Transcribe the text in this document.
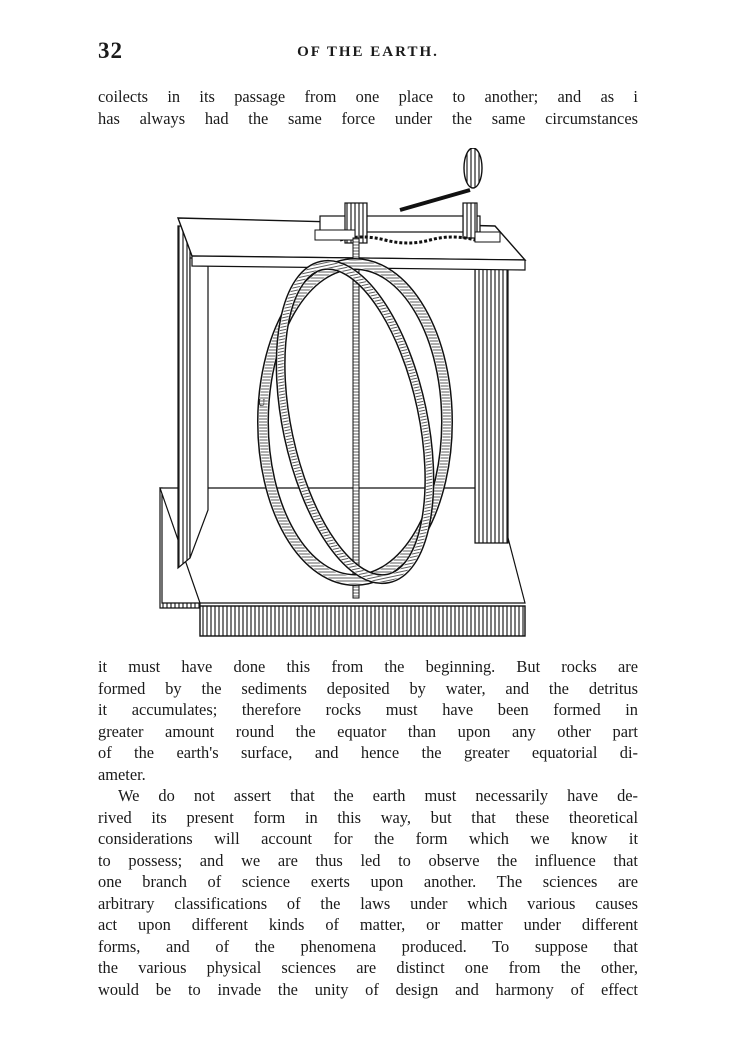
32	OF THE EARTH.
coilects in its passage from one place to another; and as i
has always had the same force under the same circumstances
U
it must have done this from the beginning. But rocks are
formed by the sediments deposited by water, and the detritus
it accumulates; therefore rocks must have been formed in
greater amount round the equator than upon any other part
of the earth's surface, and hence the greater equatorial di-
ameter.
We do not assert that the earth must necessarily have de-
rived its present form in this way, but that these theoretical
considerations will account for the form which we know it
to possess; and we are thus led to observe the influence that
one branch of science exerts upon another. The sciences are
arbitrary classifications of the laws under which various causes
act upon different kinds of matter, or matter under different
forms, and of the phenomena produced. To suppose that
the various physical sciences are distinct one from the other,
would be to invade the unity of design and harmony of effect
